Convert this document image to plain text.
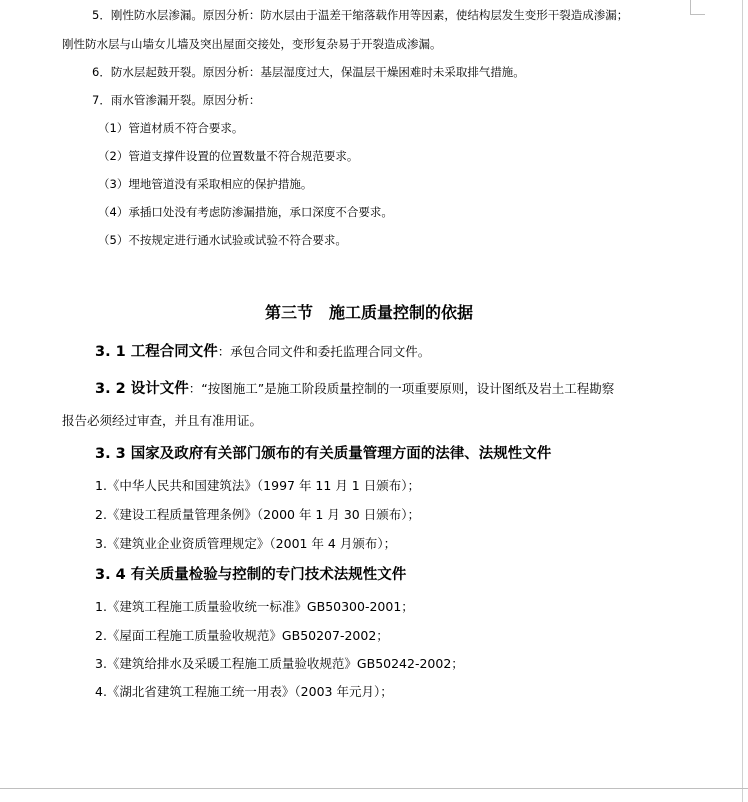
5．刚性防水层渗漏。原因分析：防水层由于温差干缩落载作用等因素，使结构层发生变形干裂造成渗漏；
刚性防水层与山墙女儿墙及突出屋面交接处，变形复杂易于开裂造成渗漏。
6．防水层起鼓开裂。原因分析：基层湿度过大，保温层干燥困难时未采取排气措施。
7．雨水管渗漏开裂。原因分析：
（1）管道材质不符合要求。
（2）管道支撑件设置的位置数量不符合规范要求。
（3）埋地管道没有采取相应的保护措施。
（4）承插口处没有考虑防渗漏措施，承口深度不合要求。
（5）不按规定进行通水试验或试验不符合要求。
第三节　施工质量控制的依据
3. 1 工程合同文件：承包合同文件和委托监理合同文件。
3. 2 设计文件：“按图施工”是施工阶段质量控制的一项重要原则，设计图纸及岩土工程勘察
报告必须经过审查，并且有准用证。
3. 3 国家及政府有关部门颁布的有关质量管理方面的法律、法规性文件
1.《中华人民共和国建筑法》（1997 年 11 月 1 日颁布）；
2.《建设工程质量管理条例》（2000 年 1 月 30 日颁布）；
3.《建筑业企业资质管理规定》（2001 年 4 月颁布）；
3. 4 有关质量检验与控制的专门技术法规性文件
1.《建筑工程施工质量验收统一标准》GB50300-2001；
2.《屋面工程施工质量验收规范》GB50207-2002；
3.《建筑给排水及采暖工程施工质量验收规范》GB50242-2002；
4.《湖北省建筑工程施工统一用表》（2003 年元月）；
